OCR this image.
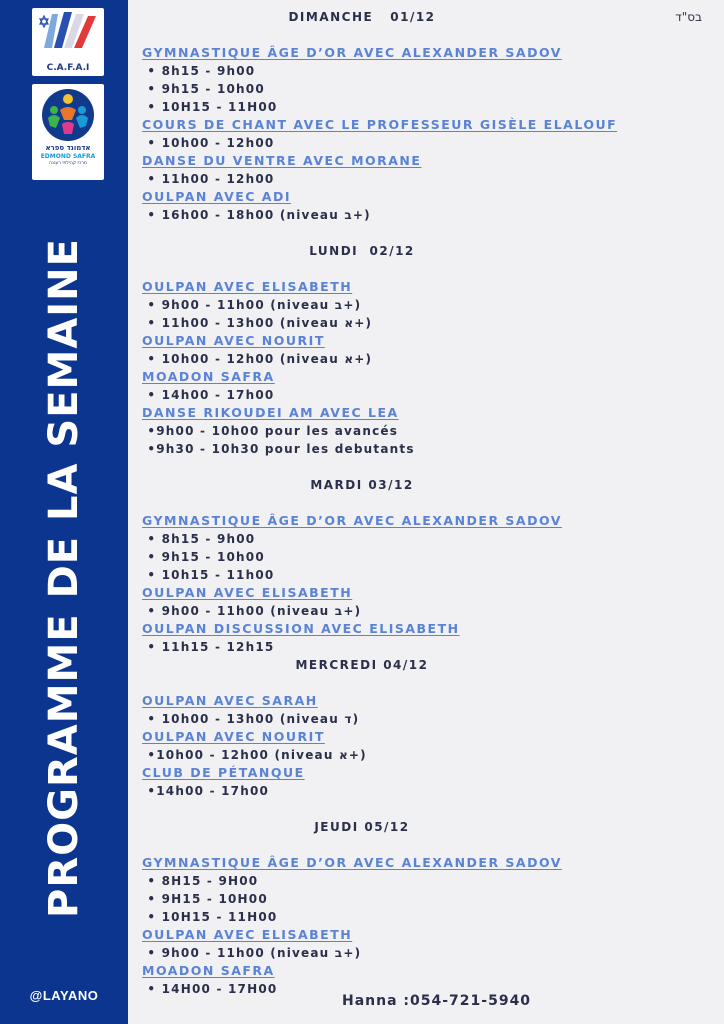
C.A.F.A.I
אדמונד ספרא
EDMOND SAFRA
מרכז קהילתי רעננה
PROGRAMME DE LA SEMAINE
@LAYANO
בס"ד
DIMANCHE   01/12
GYMNASTIQUE ÂGE D’OR AVEC ALEXANDER SADOV
• 8h15 - 9h00
• 9h15 - 10h00
• 10H15 - 11H00
COURS DE CHANT AVEC LE PROFESSEUR GISÈLE ELALOUF
• 10h00 - 12h00
DANSE DU VENTRE AVEC MORANE
• 11h00 - 12h00
OULPAN AVEC ADI
• 16h00 - 18h00 (niveau ב+)
LUNDI  02/12
OULPAN AVEC ELISABETH
• 9h00 - 11h00 (niveau ב+)
• 11h00 - 13h00 (niveau א+)
OULPAN AVEC NOURIT
• 10h00 - 12h00 (niveau א+)
MOADON SAFRA
• 14h00 - 17h00
DANSE RIKOUDEI AM AVEC LEA
•9h00 - 10h00 pour les avancés
•9h30 - 10h30 pour les debutants
MARDI 03/12
GYMNASTIQUE ÂGE D’OR AVEC ALEXANDER SADOV
• 8h15 - 9h00
• 9h15 - 10h00
• 10h15 - 11h00
OULPAN AVEC ELISABETH
• 9h00 - 11h00 (niveau ב+)
OULPAN DISCUSSION AVEC ELISABETH
• 11h15 - 12h15
MERCREDI 04/12
OULPAN AVEC SARAH
• 10h00 - 13h00 (niveau ד)
OULPAN AVEC NOURIT
•10h00 - 12h00 (niveau א+)
CLUB DE PÉTANQUE
•14h00 - 17h00
JEUDI 05/12
GYMNASTIQUE ÂGE D’OR AVEC ALEXANDER SADOV
• 8H15 - 9H00
• 9H15 - 10H00
• 10H15 - 11H00
OULPAN AVEC ELISABETH
• 9h00 - 11h00 (niveau ב+)
MOADON SAFRA
• 14H00 - 17H00
Hanna :054-721-5940
